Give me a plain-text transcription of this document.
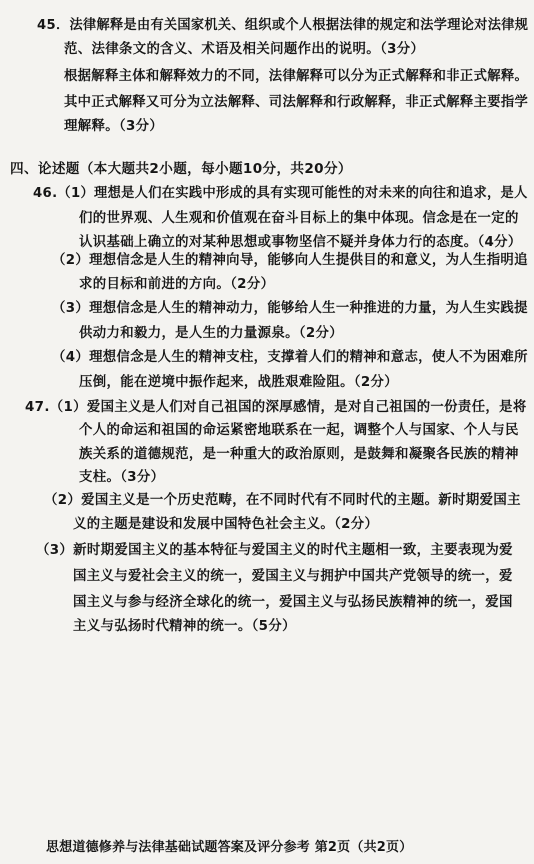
45．法律解释是由有关国家机关、组织或个人根据法律的规定和法学理论对法律规
范、法律条文的含义、术语及相关问题作出的说明。（3分）
根据解释主体和解释效力的不同，法律解释可以分为正式解释和非正式解释。
其中正式解释又可分为立法解释、司法解释和行政解释，非正式解释主要指学
理解释。（3分）
四、论述题（本大题共2小题，每小题10分，共20分）
46.（1）理想是人们在实践中形成的具有实现可能性的对未来的向往和追求，是人
们的世界观、人生观和价值观在奋斗目标上的集中体现。信念是在一定的
认识基础上确立的对某种思想或事物坚信不疑并身体力行的态度。（4分）
（2）理想信念是人生的精神向导，能够向人生提供目的和意义，为人生指明追
求的目标和前进的方向。（2分）
（3）理想信念是人生的精神动力，能够给人生一种推进的力量，为人生实践提
供动力和毅力，是人生的力量源泉。（2分）
（4）理想信念是人生的精神支柱，支撑着人们的精神和意志，使人不为困难所
压倒，能在逆境中振作起来，战胜艰难险阻。（2分）
47.（1）爱国主义是人们对自己祖国的深厚感情，是对自己祖国的一份责任，是将
个人的命运和祖国的命运紧密地联系在一起，调整个人与国家、个人与民
族关系的道德规范，是一种重大的政治原则，是鼓舞和凝聚各民族的精神
支柱。（3分）
（2）爱国主义是一个历史范畴，在不同时代有不同时代的主题。新时期爱国主
义的主题是建设和发展中国特色社会主义。（2分）
（3）新时期爱国主义的基本特征与爱国主义的时代主题相一致，主要表现为爱
国主义与爱社会主义的统一，爱国主义与拥护中国共产党领导的统一，爱
国主义与参与经济全球化的统一，爱国主义与弘扬民族精神的统一，爱国
主义与弘扬时代精神的统一。（5分）
思想道德修养与法律基础试题答案及评分参考 第2页（共2页）
